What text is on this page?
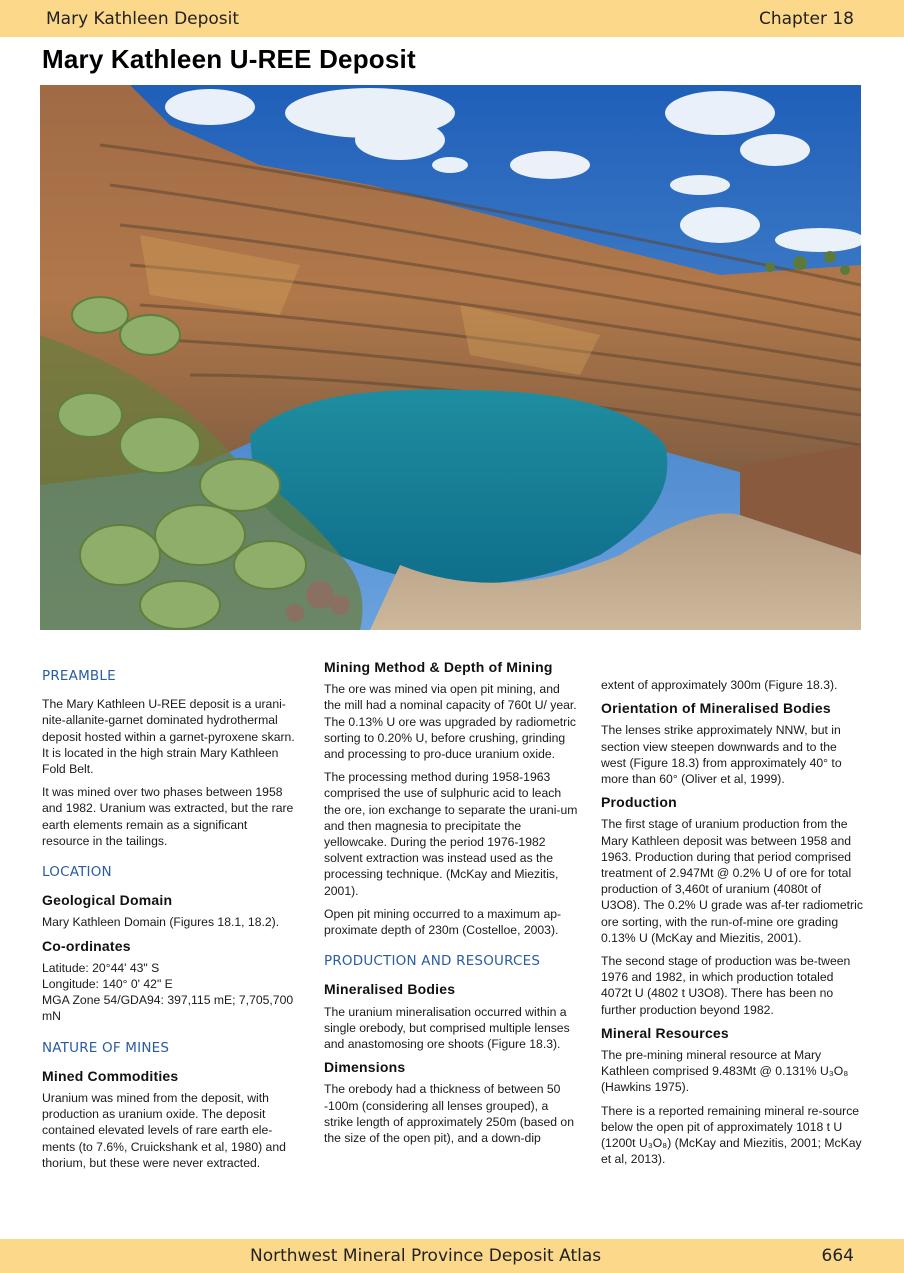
Mary Kathleen Deposit	Chapter 18
Mary Kathleen U-REE Deposit
PREAMBLE

The Mary Kathleen U-REE deposit is a urani-nite-allanite-garnet dominated hydrothermal deposit hosted within a garnet-pyroxene skarn. It is located in the high strain Mary Kathleen Fold Belt.

It was mined over two phases between 1958 and 1982. Uranium was extracted, but the rare earth elements remain as a significant resource in the tailings.

LOCATION
Geological Domain

Mary Kathleen Domain (Figures 18.1, 18.2).

Co-ordinates
Latitude: 20°44' 43" S
Longitude: 140° 0' 42" E

MGA Zone 54/GDA94: 397,115 mE; 7,705,700 mN

NATURE OF MINES
Mined Commodities

Uranium was mined from the deposit, with production as uranium oxide. The deposit contained elevated levels of rare earth ele-ments (to 7.6%, Cruickshank et al, 1980) and thorium, but these were never extracted.

Mining Method & Depth of Mining

The ore was mined via open pit mining, and the mill had a nominal capacity of 760t U/ year. The 0.13% U ore was upgraded by radiometric sorting to 0.20% U, before crushing, grinding and processing to pro-duce uranium oxide.

The processing method during 1958-1963 comprised the use of sulphuric acid to leach the ore, ion exchange to separate the urani-um and then magnesia to precipitate the yellowcake. During the period 1976-1982 solvent extraction was instead used as the processing technique. (McKay and Miezitis, 2001).

Open pit mining occurred to a maximum ap-proximate depth of 230m (Costelloe, 2003).

PRODUCTION AND RESOURCES
Mineralised Bodies

The uranium mineralisation occurred within a single orebody, but comprised multiple lenses and anastomosing ore shoots (Figure 18.3).

Dimensions

The orebody had a thickness of between 50 -100m (considering all lenses grouped), a strike length of approximately 250m (based on the size of the open pit), and a down-dip

extent of approximately 300m (Figure 18.3).

Orientation of Mineralised Bodies

The lenses strike approximately NNW, but in section view steepen downwards and to the west (Figure 18.3) from approximately 40° to more than 60° (Oliver et al, 1999).

Production

The first stage of uranium production from the Mary Kathleen deposit was between 1958 and 1963. Production during that period comprised treatment of 2.947Mt @ 0.2% U of ore for total production of 3,460t of uranium (4080t of U3O8). The 0.2% U grade was af-ter radiometric ore sorting, with the run-of-mine ore grading 0.13% U (McKay and Miezitis, 2001).

The second stage of production was be-tween 1976 and 1982, in which production totaled 4072t U (4802 t U3O8). There has been no further production beyond 1982.

Mineral Resources

The pre-mining mineral resource at Mary Kathleen comprised 9.483Mt @ 0.131% U₃O₈ (Hawkins 1975).

There is a reported remaining mineral re-source below the open pit of approximately 1018 t U (1200t U₃O₈) (McKay and Miezitis, 2001; McKay et al, 2013).

Northwest Mineral Province Deposit Atlas	664
